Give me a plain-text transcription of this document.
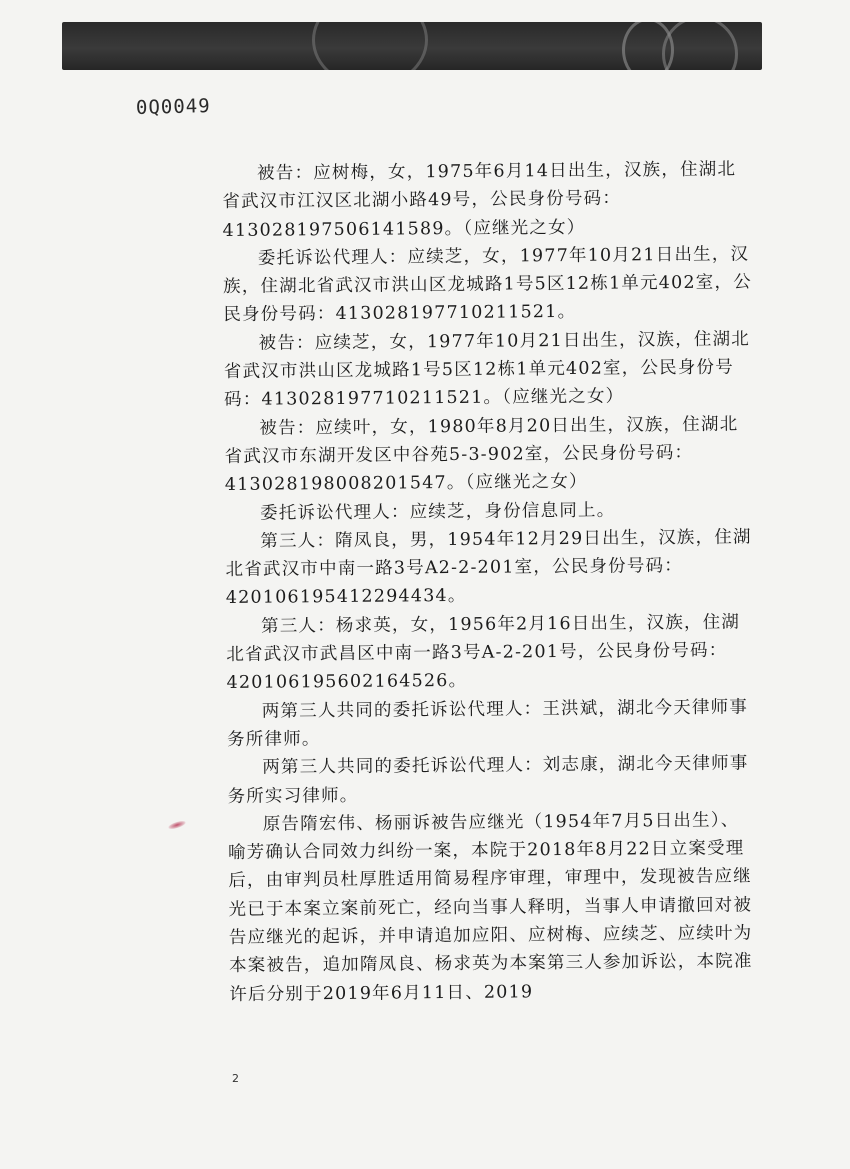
0Q0049

被告：应树梅，女，1975年6月14日出生，汉族，住湖北省武汉市江汉区北湖小路49号，公民身份号码：413028197506141589。（应继光之女）

委托诉讼代理人：应续芝，女，1977年10月21日出生，汉族，住湖北省武汉市洪山区龙城路1号5区12栋1单元402室，公民身份号码：413028197710211521。

被告：应续芝，女，1977年10月21日出生，汉族，住湖北省武汉市洪山区龙城路1号5区12栋1单元402室，公民身份号码：413028197710211521。（应继光之女）

被告：应续叶，女，1980年8月20日出生，汉族，住湖北省武汉市东湖开发区中谷苑5-3-902室，公民身份号码：413028198008201547。（应继光之女）

委托诉讼代理人：应续芝，身份信息同上。

第三人：隋凤良，男，1954年12月29日出生，汉族，住湖北省武汉市中南一路3号A2-2-201室，公民身份号码：420106195412294434。

第三人：杨求英，女，1956年2月16日出生，汉族，住湖北省武汉市武昌区中南一路3号A-2-201号，公民身份号码：420106195602164526。

两第三人共同的委托诉讼代理人：王洪斌，湖北今天律师事务所律师。

两第三人共同的委托诉讼代理人：刘志康，湖北今天律师事务所实习律师。

原告隋宏伟、杨丽诉被告应继光（1954年7月5日出生）、喻芳确认合同效力纠纷一案，本院于2018年8月22日立案受理后，由审判员杜厚胜适用简易程序审理，审理中，发现被告应继光已于本案立案前死亡，经向当事人释明，当事人申请撤回对被告应继光的起诉，并申请追加应阳、应树梅、应续芝、应续叶为本案被告，追加隋凤良、杨求英为本案第三人参加诉讼，本院准许后分别于2019年6月11日、2019

2
